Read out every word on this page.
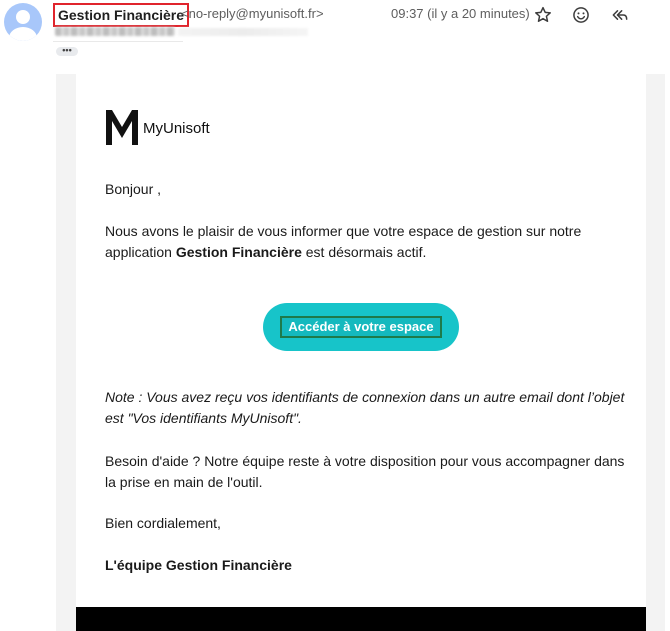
Gestion Financière
<no-reply@myunisoft.fr>
•••
09:37 (il y a 20 minutes)
MyUnisoft
Bonjour ,
Nous avons le plaisir de vous informer que votre espace de gestion sur notre application Gestion Financière est désormais actif.
Accéder à votre espace
Note : Vous avez reçu vos identifiants de connexion dans un autre email dont l’objet est "Vos identifiants MyUnisoft".
Besoin d'aide ? Notre équipe reste à votre disposition pour vous accompagner dans la prise en main de l'outil.
Bien cordialement,
L'équipe Gestion Financière
